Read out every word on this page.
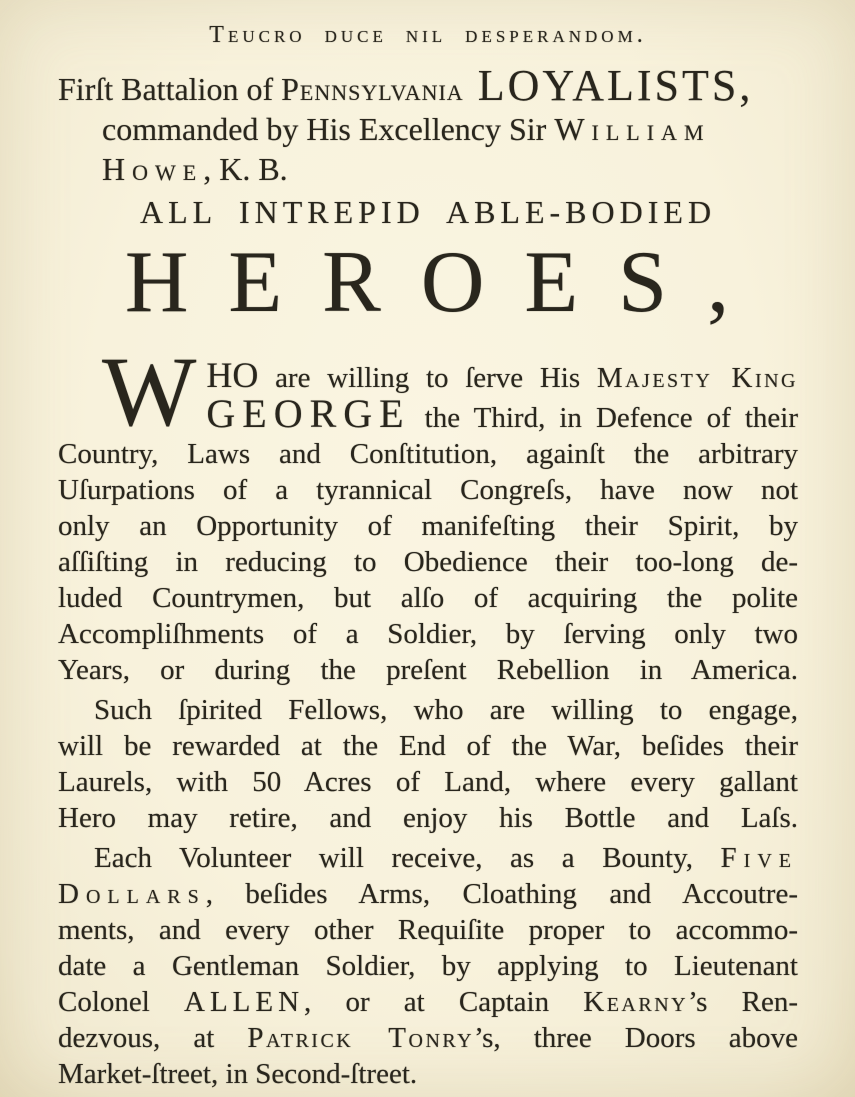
Teucro duce nil desperandom.
Firſt Battalion of Pennsylvania LOYALISTS,
commanded by His Excellency Sir William
Howe, K. B.
ALL INTREPID ABLE-BODIED
HEROES,
W HO are willing to ſerve His Majesty King
GEORGE the Third, in Defence of their
Country, Laws and Conſtitution, againſt the arbitrary
Uſurpations of a tyrannical Congreſs, have now not
only an Opportunity of manifeſting their Spirit, by
aſſiſting in reducing to Obedience their too-long de-
luded Countrymen, but alſo of acquiring the polite
Accompliſhments of a Soldier, by ſerving only two
Years, or during the preſent Rebellion in America.
Such ſpirited Fellows, who are willing to engage,
will be rewarded at the End of the War, beſides their
Laurels, with 50 Acres of Land, where every gallant
Hero may retire, and enjoy his Bottle and Laſs.
Each Volunteer will receive, as a Bounty, Five
Dollars, beſides Arms, Cloathing and Accoutre-
ments, and every other Requiſite proper to accommo-
date a Gentleman Soldier, by applying to Lieutenant
Colonel ALLEN, or at Captain Kearny’s Ren-
dezvous, at Patrick Tonry’s, three Doors above
Market-ſtreet, in Second-ſtreet.
